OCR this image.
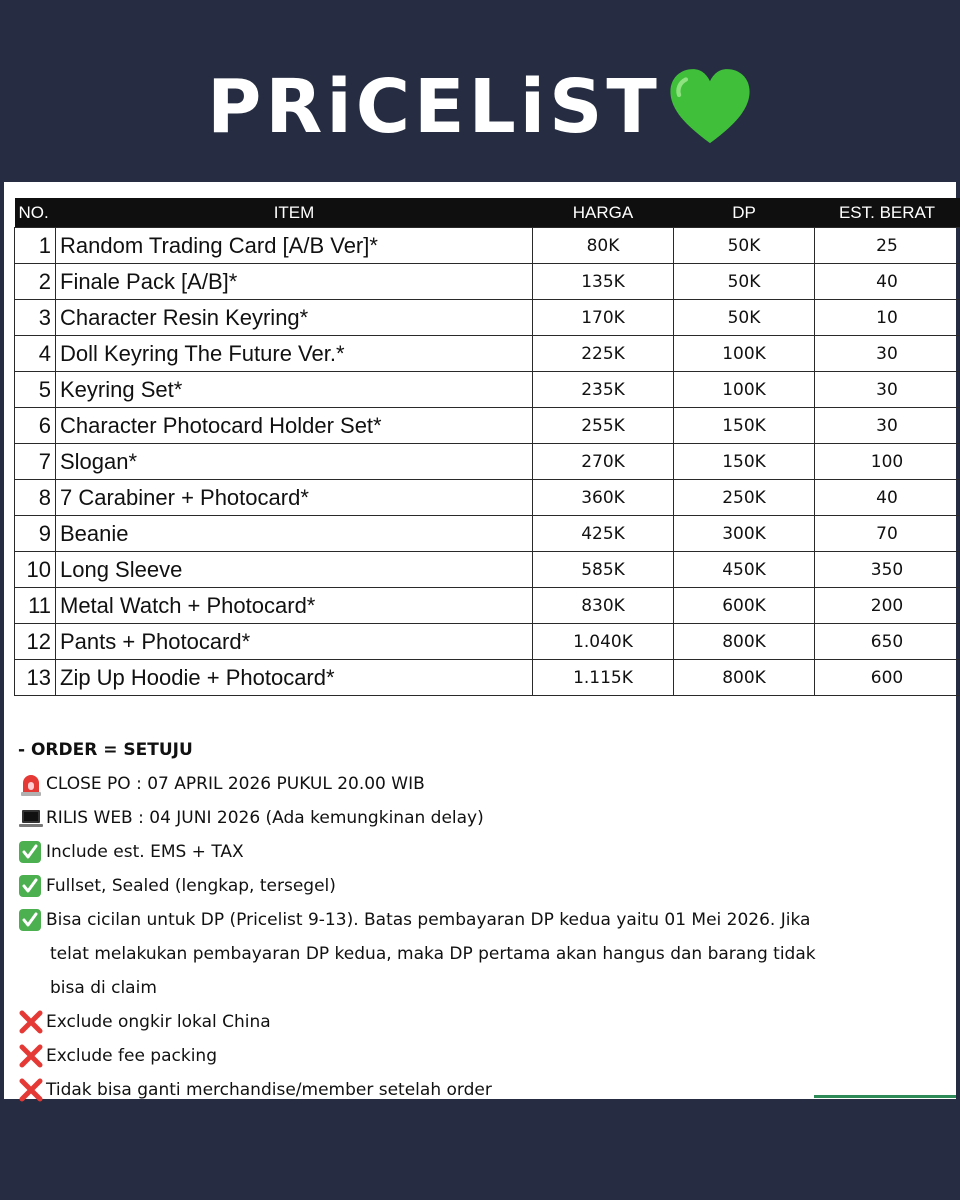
PRiCELiST
NO.	ITEM	HARGA	DP	EST. BERAT
1	Random Trading Card [A/B Ver]*	80K	50K	25
2	Finale Pack [A/B]*	135K	50K	40
3	Character Resin Keyring*	170K	50K	10
4	Doll Keyring The Future Ver.*	225K	100K	30
5	Keyring Set*	235K	100K	30
6	Character Photocard Holder Set*	255K	150K	30
7	Slogan*	270K	150K	100
8	7 Carabiner + Photocard*	360K	250K	40
9	Beanie	425K	300K	70
10	Long Sleeve	585K	450K	350
11	Metal Watch + Photocard*	830K	600K	200
12	Pants + Photocard*	1.040K	800K	650
13	Zip Up Hoodie + Photocard*	1.115K	800K	600
- ORDER = SETUJU
CLOSE PO : 07 APRIL 2026 PUKUL 20.00 WIB
RILIS WEB : 04 JUNI 2026 (Ada kemungkinan delay)
Include est. EMS + TAX
Fullset, Sealed (lengkap, tersegel)
Bisa cicilan untuk DP (Pricelist 9-13). Batas pembayaran DP kedua yaitu 01 Mei 2026. Jika
telat melakukan pembayaran DP kedua, maka DP pertama akan hangus dan barang tidak
bisa di claim
Exclude ongkir lokal China
Exclude fee packing
Tidak bisa ganti merchandise/member setelah order
